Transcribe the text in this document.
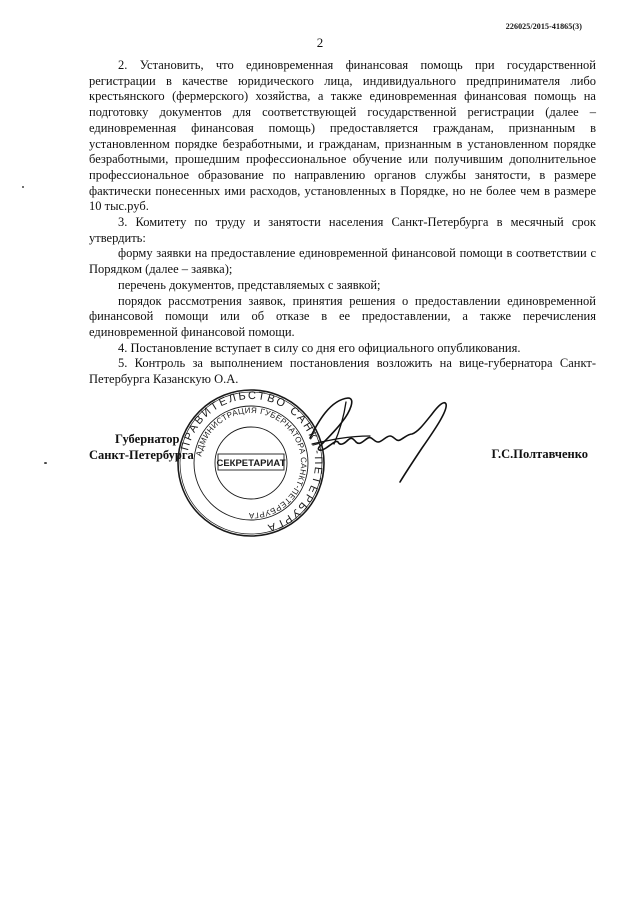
226025/2015-41865(3)
2

2. Установить, что единовременная финансовая помощь при государственной регистрации в качестве юридического лица, индивидуального предпринимателя либо крестьянского (фермерского) хозяйства, а также единовременная финансовая помощь на подготовку документов для соответствующей государственной регистрации (далее – единовременная финансовая помощь) предоставляется гражданам, признанным в установленном порядке безработными, и гражданам, признанным в установленном порядке безработными, прошедшим профессиональное обучение или получившим дополнительное профессиональное образование по направлению органов службы занятости, в размере фактически понесенных ими расходов, установленных в Порядке, но не более чем в размере 10 тыс.руб.

3. Комитету по труду и занятости населения Санкт-Петербурга в месячный срок утвердить:

форму заявки на предоставление единовременной финансовой помощи в соответствии с Порядком (далее – заявка);

перечень документов, представляемых с заявкой;

порядок рассмотрения заявок, принятия решения о предоставлении единовременной финансовой помощи или об отказе в ее предоставлении, а также перечисления единовременной финансовой помощи.

4. Постановление вступает в силу со дня его официального опубликования.

5. Контроль за выполнением постановления возложить на вице-губернатора Санкт-Петербурга Казанскую О.А.

Губернатор
Санкт-Петербурга
ПРАВИТЕЛЬСТВО САНКТ-ПЕТЕРБУРГА
АДМИНИСТРАЦИЯ ГУБЕРНАТОРА САНКТ-ПЕТЕРБУРГА
СЕКРЕТАРИАТ
Г.С.Полтавченко
